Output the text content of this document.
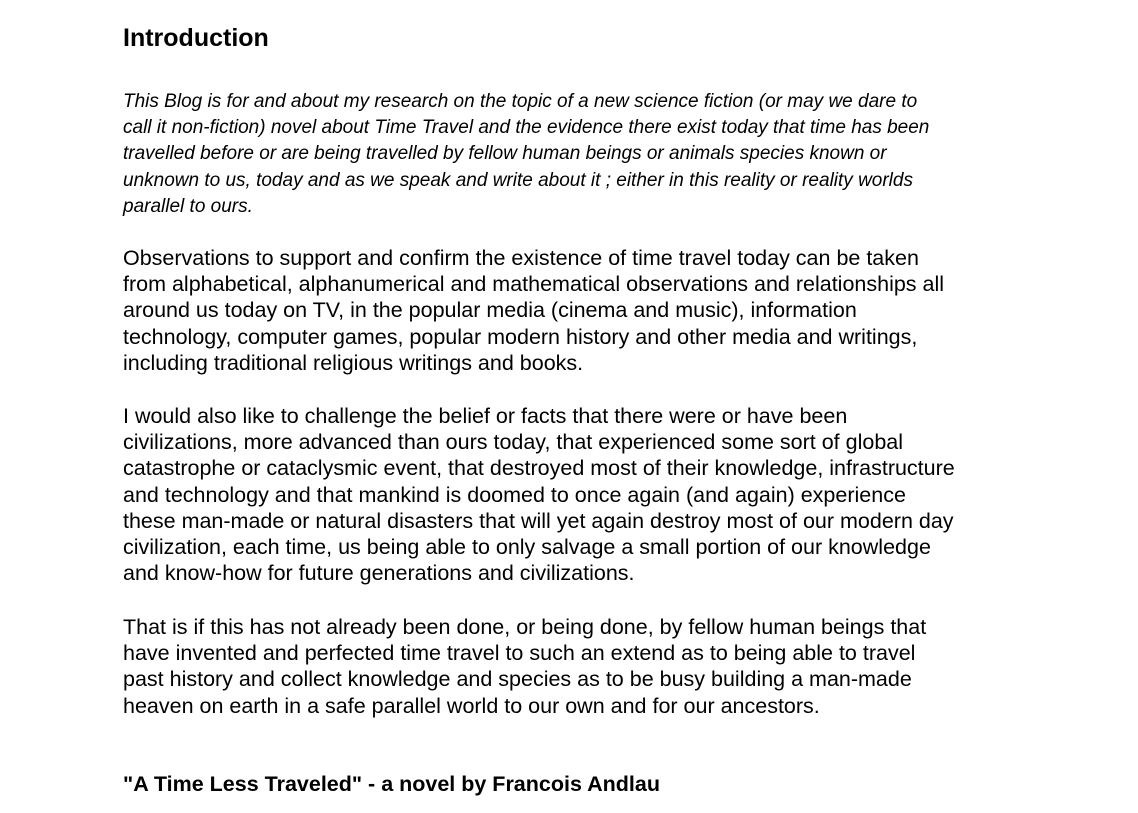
Introduction

This Blog is for and about my research on the topic of a new science fiction (or may we dare to
call it non-fiction) novel about Time Travel and the evidence there exist today that time has been
travelled before or are being travelled by fellow human beings or animals species known or
unknown to us, today and as we speak and write about it ; either in this reality or reality worlds
parallel to ours.

Observations to support and confirm the existence of time travel today can be taken
from alphabetical, alphanumerical and mathematical observations and relationships all
around us today on TV, in the popular media (cinema and music), information
technology, computer games, popular modern history and other media and writings,
including traditional religious writings and books.

I would also like to challenge the belief or facts that there were or have been
civilizations, more advanced than ours today, that experienced some sort of global
catastrophe or cataclysmic event, that destroyed most of their knowledge, infrastructure
and technology and that mankind is doomed to once again (and again) experience
these man-made or natural disasters that will yet again destroy most of our modern day
civilization, each time, us being able to only salvage a small portion of our knowledge
and know-how for future generations and civilizations.

That is if this has not already been done, or being done, by fellow human beings that
have invented and perfected time travel to such an extend as to being able to travel
past history and collect knowledge and species as to be busy building a man-made
heaven on earth in a safe parallel world to our own and for our ancestors.

"A Time Less Traveled" - a novel by Francois Andlau
